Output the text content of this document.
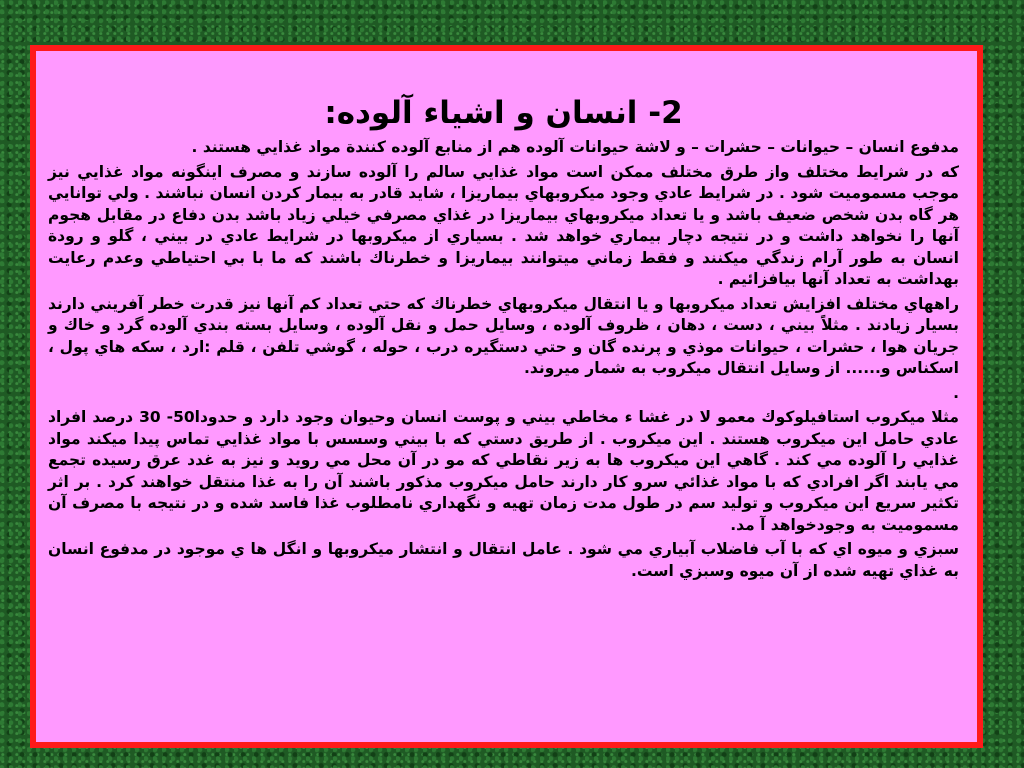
2- انسان و اشياء آلوده:

مدفوع انسان – حيوانات – حشرات – و لاشة حيوانات آلوده هم از منابع آلوده كنندة مواد غذايي هستند .

كه در شرايط مختلف واز طرق مختلف ممكن است مواد غذايي سالم را آلوده سازند و مصرف اينگونه مواد غذايي نيز موجب مسموميت شود . در شرايط عادي وجود ميكروبهاي بيماريزا ، شايد قادر به بيمار كردن انسان نباشند . ولي توانايي هر گاه بدن شخص ضعيف باشد و يا تعداد ميكروبهاي بيماريزا در غذاي مصرفي خيلي زياد باشد بدن دفاع در مقابل هجوم آنها را نخواهد داشت و در نتيجه دچار بيماري خواهد شد . بسياري از ميكروبها در شرايط عادي در بيني ، گلو و رودة انسان به طور آرام زندگي ميكنند و فقط زماني ميتوانند بيماريزا و خطرناك باشند كه ما با بي احتياطي وعدم رعايت بهداشت به تعداد آنها بيافزائيم .

راههاي مختلف افزايش تعداد ميكروبها و يا انتقال ميكروبهاي خطرناك كه حتي تعداد كم آنها نيز قدرت خطر آفريني دارند بسيار زيادند . مثلاً بيني ، دست ، دهان ، ظروف آلوده ، وسايل حمل و نقل آلوده ، وسايل بسته بندي آلوده گرد و خاك و جريان هوا ، حشرات ، حيوانات موذي و پرنده گان و حتي دستگيره درب ، حوله ، گوشي تلفن ، قلم :ارد ، سكه هاي پول ، اسكناس و...... از وسايل انتقال ميكروب به شمار ميروند.

.

مثلا ميكروب استافيلوكوك معمو لا در غشا ء مخاطي بيني و پوست انسان وحيوان وجود دارد و حدودا50- 30 درصد افراد عادي حامل اين ميكروب هستند . اين ميكروب . از طريق دستي كه با بيني وسسس با مواد غذايي تماس پيدا ميكند مواد غذايي را آلوده مي كند . گاهي اين ميكروب ها به زير نقاطي كه مو در آن محل مي رويد و نيز به غدد عرق رسيده تجمع مي يابند اگر افرادي كه با مواد غذائي سرو كار دارند حامل ميكروب مذكور باشند آن را به غذا منتقل خواهند كرد . بر اثر تكثير سريع اين ميكروب و توليد سم در طول مدت زمان تهيه و نگهداري نامطلوب غذا فاسد شده و در نتيجه با مصرف آن مسموميت به وجودخواهد آ مد.

سبزي و ميوه اي كه با آب فاضلاب آبياري مي شود . عامل انتقال و انتشار ميكروبها و انگل ها ي موجود در مدفوع انسان به غذاي تهيه شده از آن ميوه وسبزي است.
